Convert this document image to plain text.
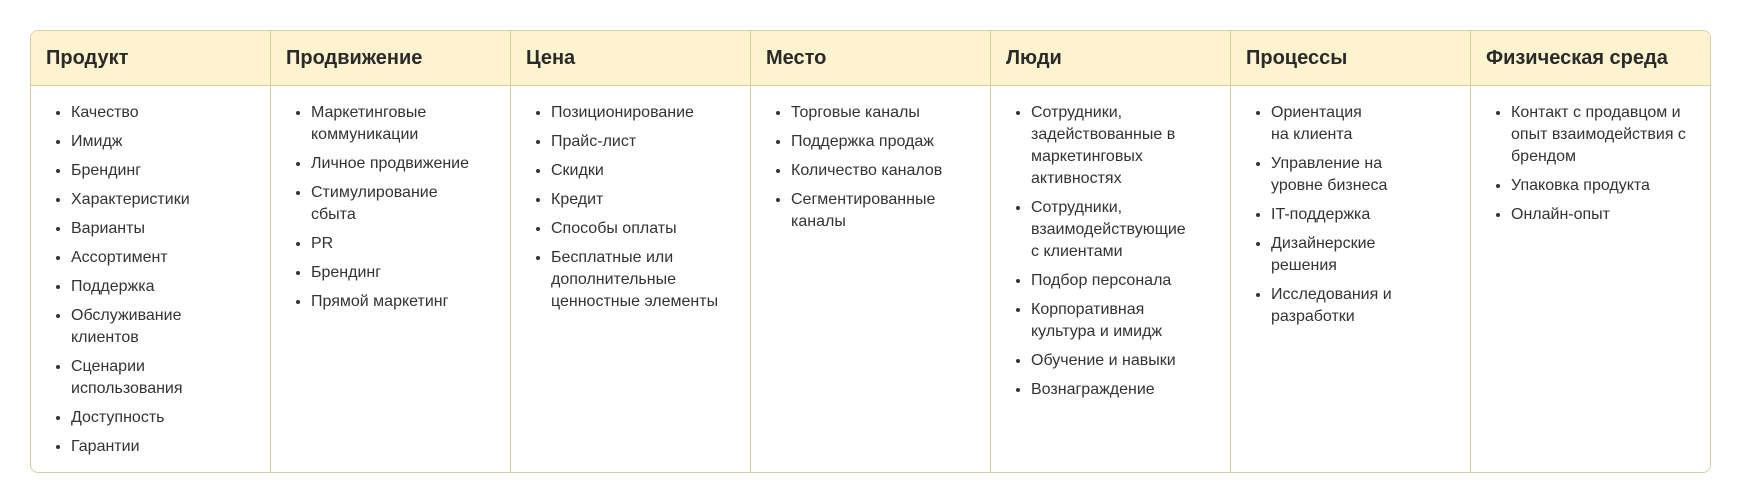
Продукт
• Качество
• Имидж
• Брендинг
• Характеристики
• Варианты
• Ассортимент
• Поддержка
• Обслуживание клиентов
• Сценарии использования
• Доступность
• Гарантии
Продвижение
• Маркетинговые коммуникации
• Личное продвижение
• Стимулирование сбыта
• PR
• Брендинг
• Прямой маркетинг
Цена
• Позиционирование
• Прайс-лист
• Скидки
• Кредит
• Способы оплаты
• Бесплатные или дополнительные ценностные элементы
Место
• Торговые каналы
• Поддержка продаж
• Количество каналов
• Сегментированные каналы
Люди
• Сотрудники, задействованные в маркетинговых активностях
• Сотрудники, взаимодействующие с клиентами
• Подбор персонала
• Корпоративная культура и имидж
• Обучение и навыки
• Вознаграждение
Процессы
• Ориентация на клиента
• Управление на уровне бизнеса
• IT-поддержка
• Дизайнерские решения
• Исследования и разработки
Физическая среда
• Контакт с продавцом и опыт взаимодействия с брендом
• Упаковка продукта
• Онлайн-опыт
